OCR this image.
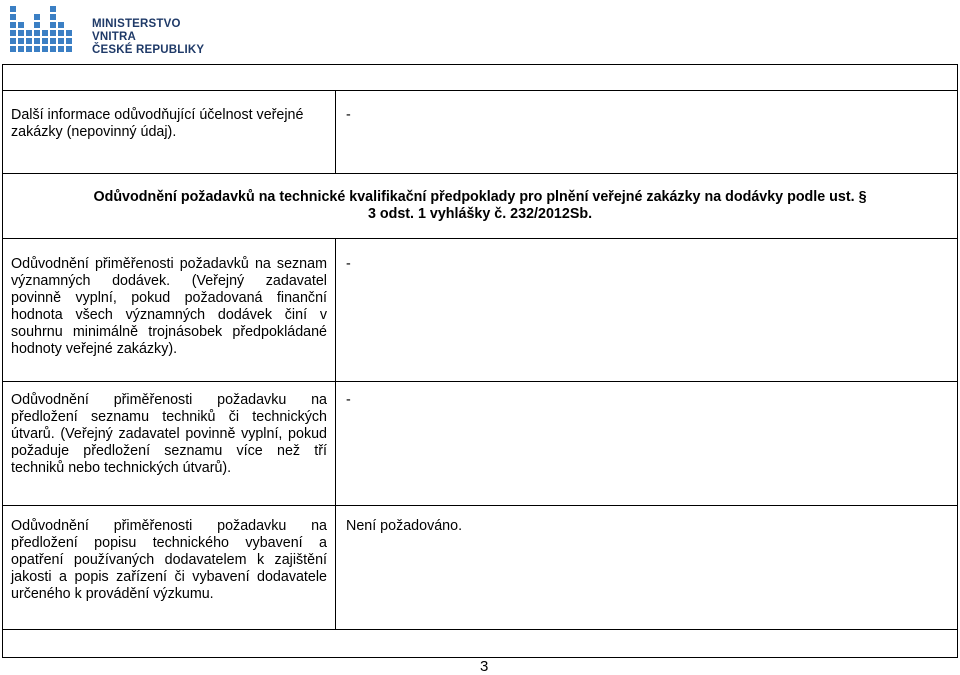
MINISTERSTVO VNITRA
ČESKÉ REPUBLIKY

Další informace odůvodňující účelnost veřejné zakázky (nepovinný údaj).	-
Odůvodnění požadavků na technické kvalifikační předpoklady pro plnění veřejné zakázky na dodávky podle ust. § 3 odst. 1 vyhlášky č. 232/2012Sb.	
Odůvodnění přiměřenosti požadavků na seznam významných dodávek. (Veřejný zadavatel povinně vyplní, pokud požadovaná finanční hodnota všech významných dodávek činí v souhrnu minimálně trojnásobek předpokládané hodnoty veřejné zakázky).	-
Odůvodnění přiměřenosti požadavku na předložení seznamu techniků či technických útvarů. (Veřejný zadavatel povinně vyplní, pokud požaduje předložení seznamu více než tří techniků nebo technických útvarů).	-
Odůvodnění přiměřenosti požadavku na předložení popisu technického vybavení a opatření používaných dodavatelem k zajištění jakosti a popis zařízení či vybavení dodavatele určeného k provádění výzkumu.	Není požadováno.

3
